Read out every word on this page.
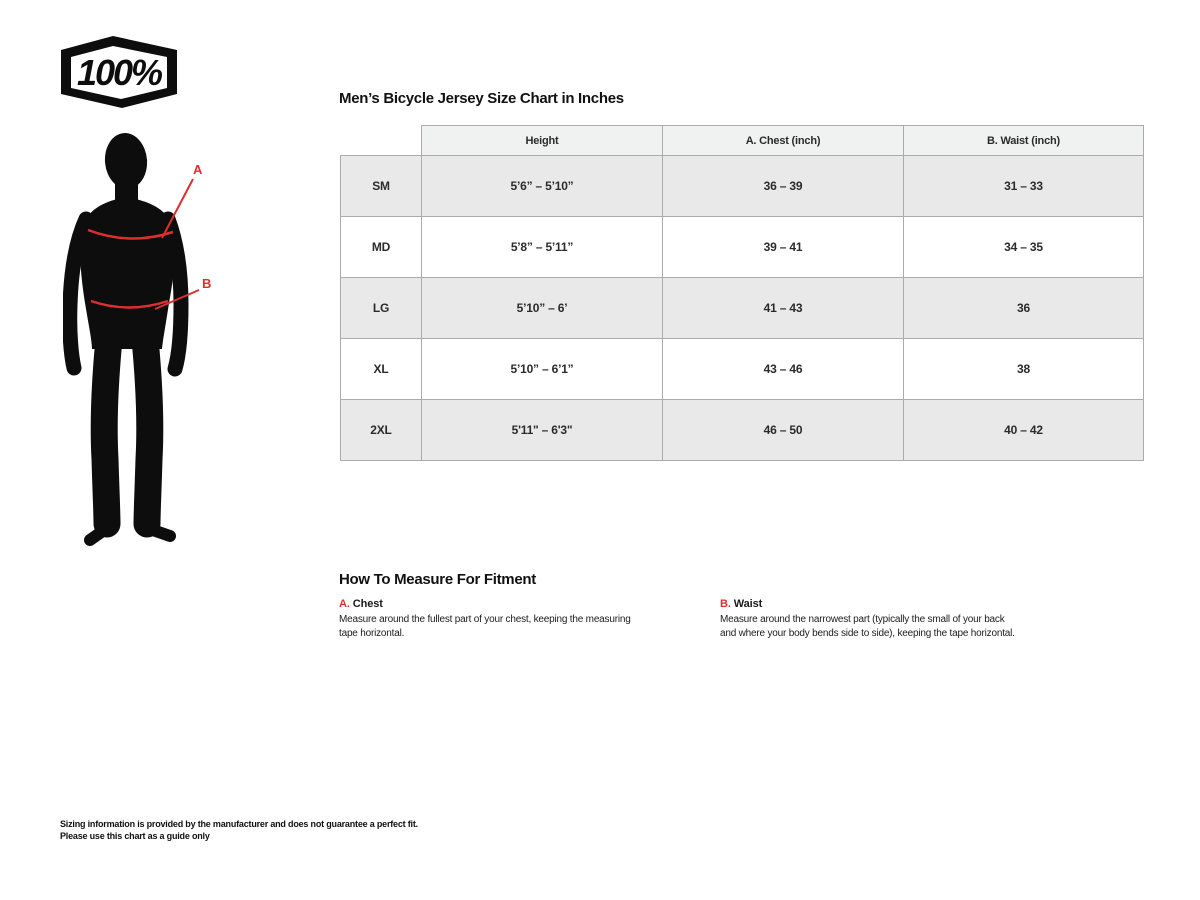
100%
A
B
Men’s Bicycle Jersey Size Chart in Inches
	Height	A. Chest (inch)	B. Waist (inch)
SM	5’6” – 5’10”	36 – 39	31 – 33
MD	5’8” – 5’11”	39 – 41	34 – 35
LG	5’10” – 6’	41 – 43	36
XL	5’10” – 6’1”	43 – 46	38
2XL	5'11" – 6'3"	46 – 50	40 – 42
How To Measure For Fitment
A. Chest
Measure around the fullest part of your chest, keeping the measuring tape horizontal.
B. Waist
Measure around the narrowest part (typically the small of your back and where your body bends side to side), keeping the tape horizontal.
Sizing information is provided by the manufacturer and does not guarantee a perfect fit.
Please use this chart as a guide only
